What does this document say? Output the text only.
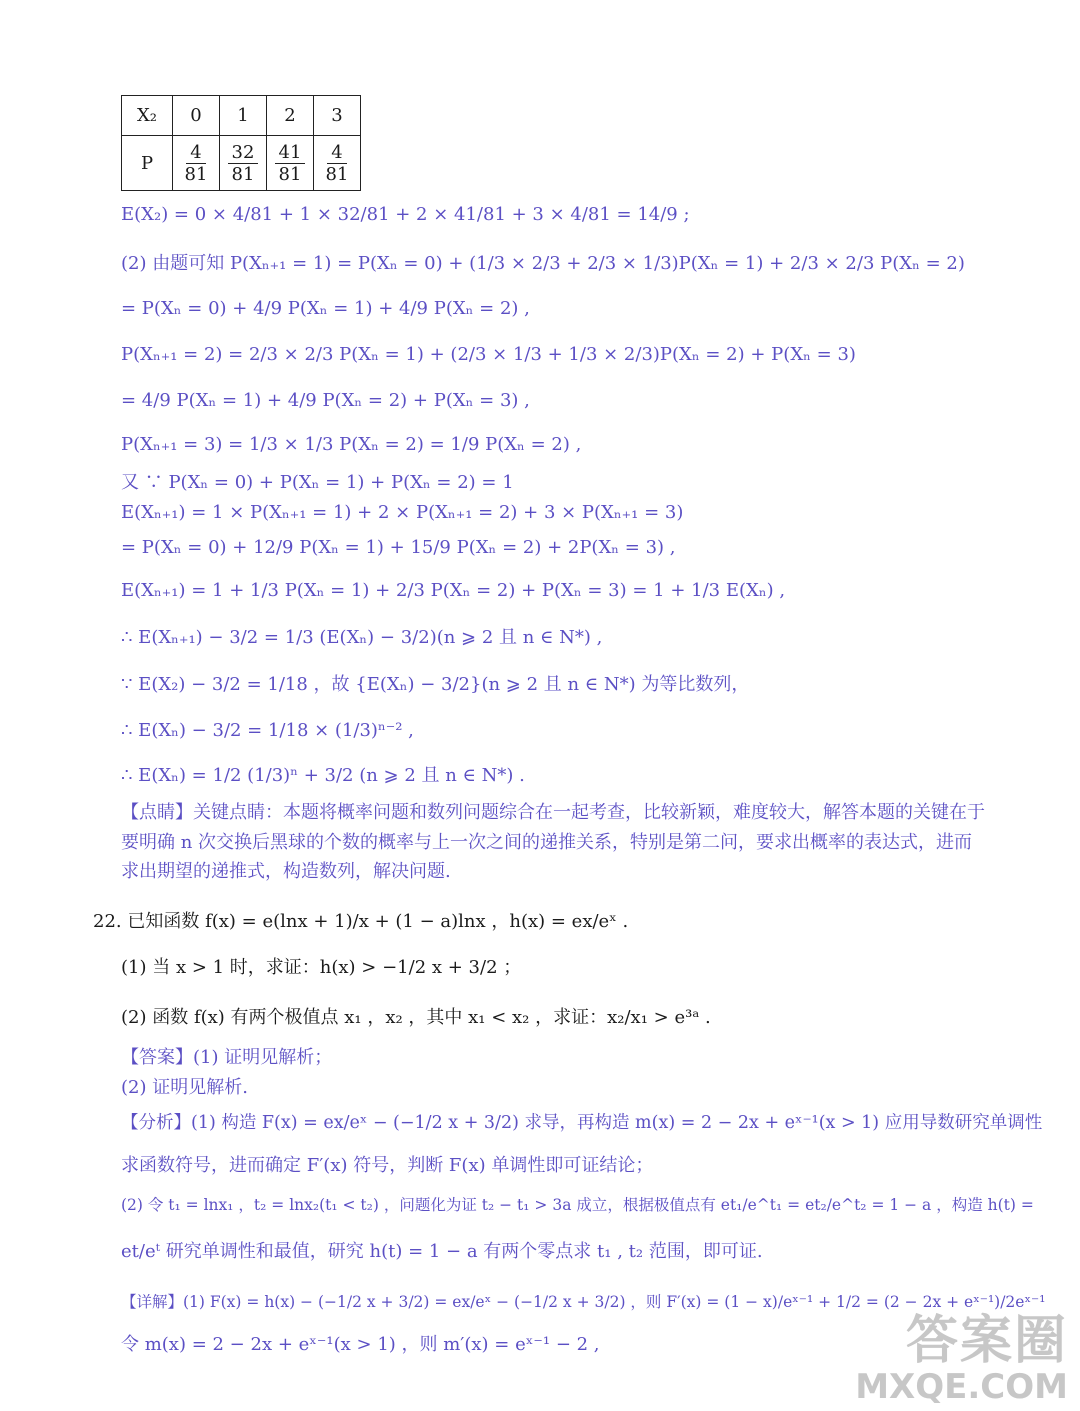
X₂	0	1	2	3
P	$\frac{4}{81}$	$\frac{32}{81}$	$\frac{41}{81}$	$\frac{4}{81}$
E(X₂) = 0 × 4/81 + 1 × 32/81 + 2 × 41/81 + 3 × 4/81 = 14/9 ;
(2) 由题可知 P(Xₙ₊₁ = 1) = P(Xₙ = 0) + (1/3 × 2/3 + 2/3 × 1/3)P(Xₙ = 1) + 2/3 × 2/3 P(Xₙ = 2)
= P(Xₙ = 0) + 4/9 P(Xₙ = 1) + 4/9 P(Xₙ = 2) ,
P(Xₙ₊₁ = 2) = 2/3 × 2/3 P(Xₙ = 1) + (2/3 × 1/3 + 1/3 × 2/3)P(Xₙ = 2) + P(Xₙ = 3)
= 4/9 P(Xₙ = 1) + 4/9 P(Xₙ = 2) + P(Xₙ = 3) ,
P(Xₙ₊₁ = 3) = 1/3 × 1/3 P(Xₙ = 2) = 1/9 P(Xₙ = 2) ,
又 ∵ P(Xₙ = 0) + P(Xₙ = 1) + P(Xₙ = 2) = 1
E(Xₙ₊₁) = 1 × P(Xₙ₊₁ = 1) + 2 × P(Xₙ₊₁ = 2) + 3 × P(Xₙ₊₁ = 3)
= P(Xₙ = 0) + 12/9 P(Xₙ = 1) + 15/9 P(Xₙ = 2) + 2P(Xₙ = 3) ,
E(Xₙ₊₁) = 1 + 1/3 P(Xₙ = 1) + 2/3 P(Xₙ = 2) + P(Xₙ = 3) = 1 + 1/3 E(Xₙ) ,
∴ E(Xₙ₊₁) − 3/2 = 1/3 (E(Xₙ) − 3/2)(n ⩾ 2 且 n ∈ N*) ,
∵ E(X₂) − 3/2 = 1/18 ，故 {E(Xₙ) − 3/2}(n ⩾ 2 且 n ∈ N*) 为等比数列，
∴ E(Xₙ) − 3/2 = 1/18 × (1/3)ⁿ⁻² ,
∴ E(Xₙ) = 1/2 (1/3)ⁿ + 3/2 (n ⩾ 2 且 n ∈ N*) .
【点睛】关键点睛：本题将概率问题和数列问题综合在一起考查，比较新颖，难度较大，解答本题的关键在于
要明确 n 次交换后黑球的个数的概率与上一次之间的递推关系，特别是第二问，要求出概率的表达式，进而
求出期望的递推式，构造数列，解决问题.
22. 已知函数 f(x) = e(lnx + 1)/x + (1 − a)lnx ，h(x) = ex/eˣ .
(1) 当 x > 1 时，求证：h(x) > −1/2 x + 3/2 ；
(2) 函数 f(x) 有两个极值点 x₁ ，x₂ ，其中 x₁ < x₂ ，求证：x₂/x₁ > e³ᵃ .
【答案】(1) 证明见解析；
(2) 证明见解析.
【分析】(1) 构造 F(x) = ex/eˣ − (−1/2 x + 3/2) 求导，再构造 m(x) = 2 − 2x + eˣ⁻¹(x > 1) 应用导数研究单调性
求函数符号，进而确定 F′(x) 符号，判断 F(x) 单调性即可证结论；
(2) 令 t₁ = lnx₁ ，t₂ = lnx₂(t₁ < t₂) ，问题化为证 t₂ − t₁ > 3a 成立，根据极值点有 et₁/e^t₁ = et₂/e^t₂ = 1 − a ，构造 h(t) =
et/eᵗ 研究单调性和最值，研究 h(t) = 1 − a 有两个零点求 t₁ , t₂ 范围，即可证.
【详解】(1) F(x) = h(x) − (−1/2 x + 3/2) = ex/eˣ − (−1/2 x + 3/2) ，则 F′(x) = (1 − x)/eˣ⁻¹ + 1/2 = (2 − 2x + eˣ⁻¹)/2eˣ⁻¹
令 m(x) = 2 − 2x + eˣ⁻¹(x > 1) ，则 m′(x) = eˣ⁻¹ − 2 ,	答案圈
MXQE.COM
